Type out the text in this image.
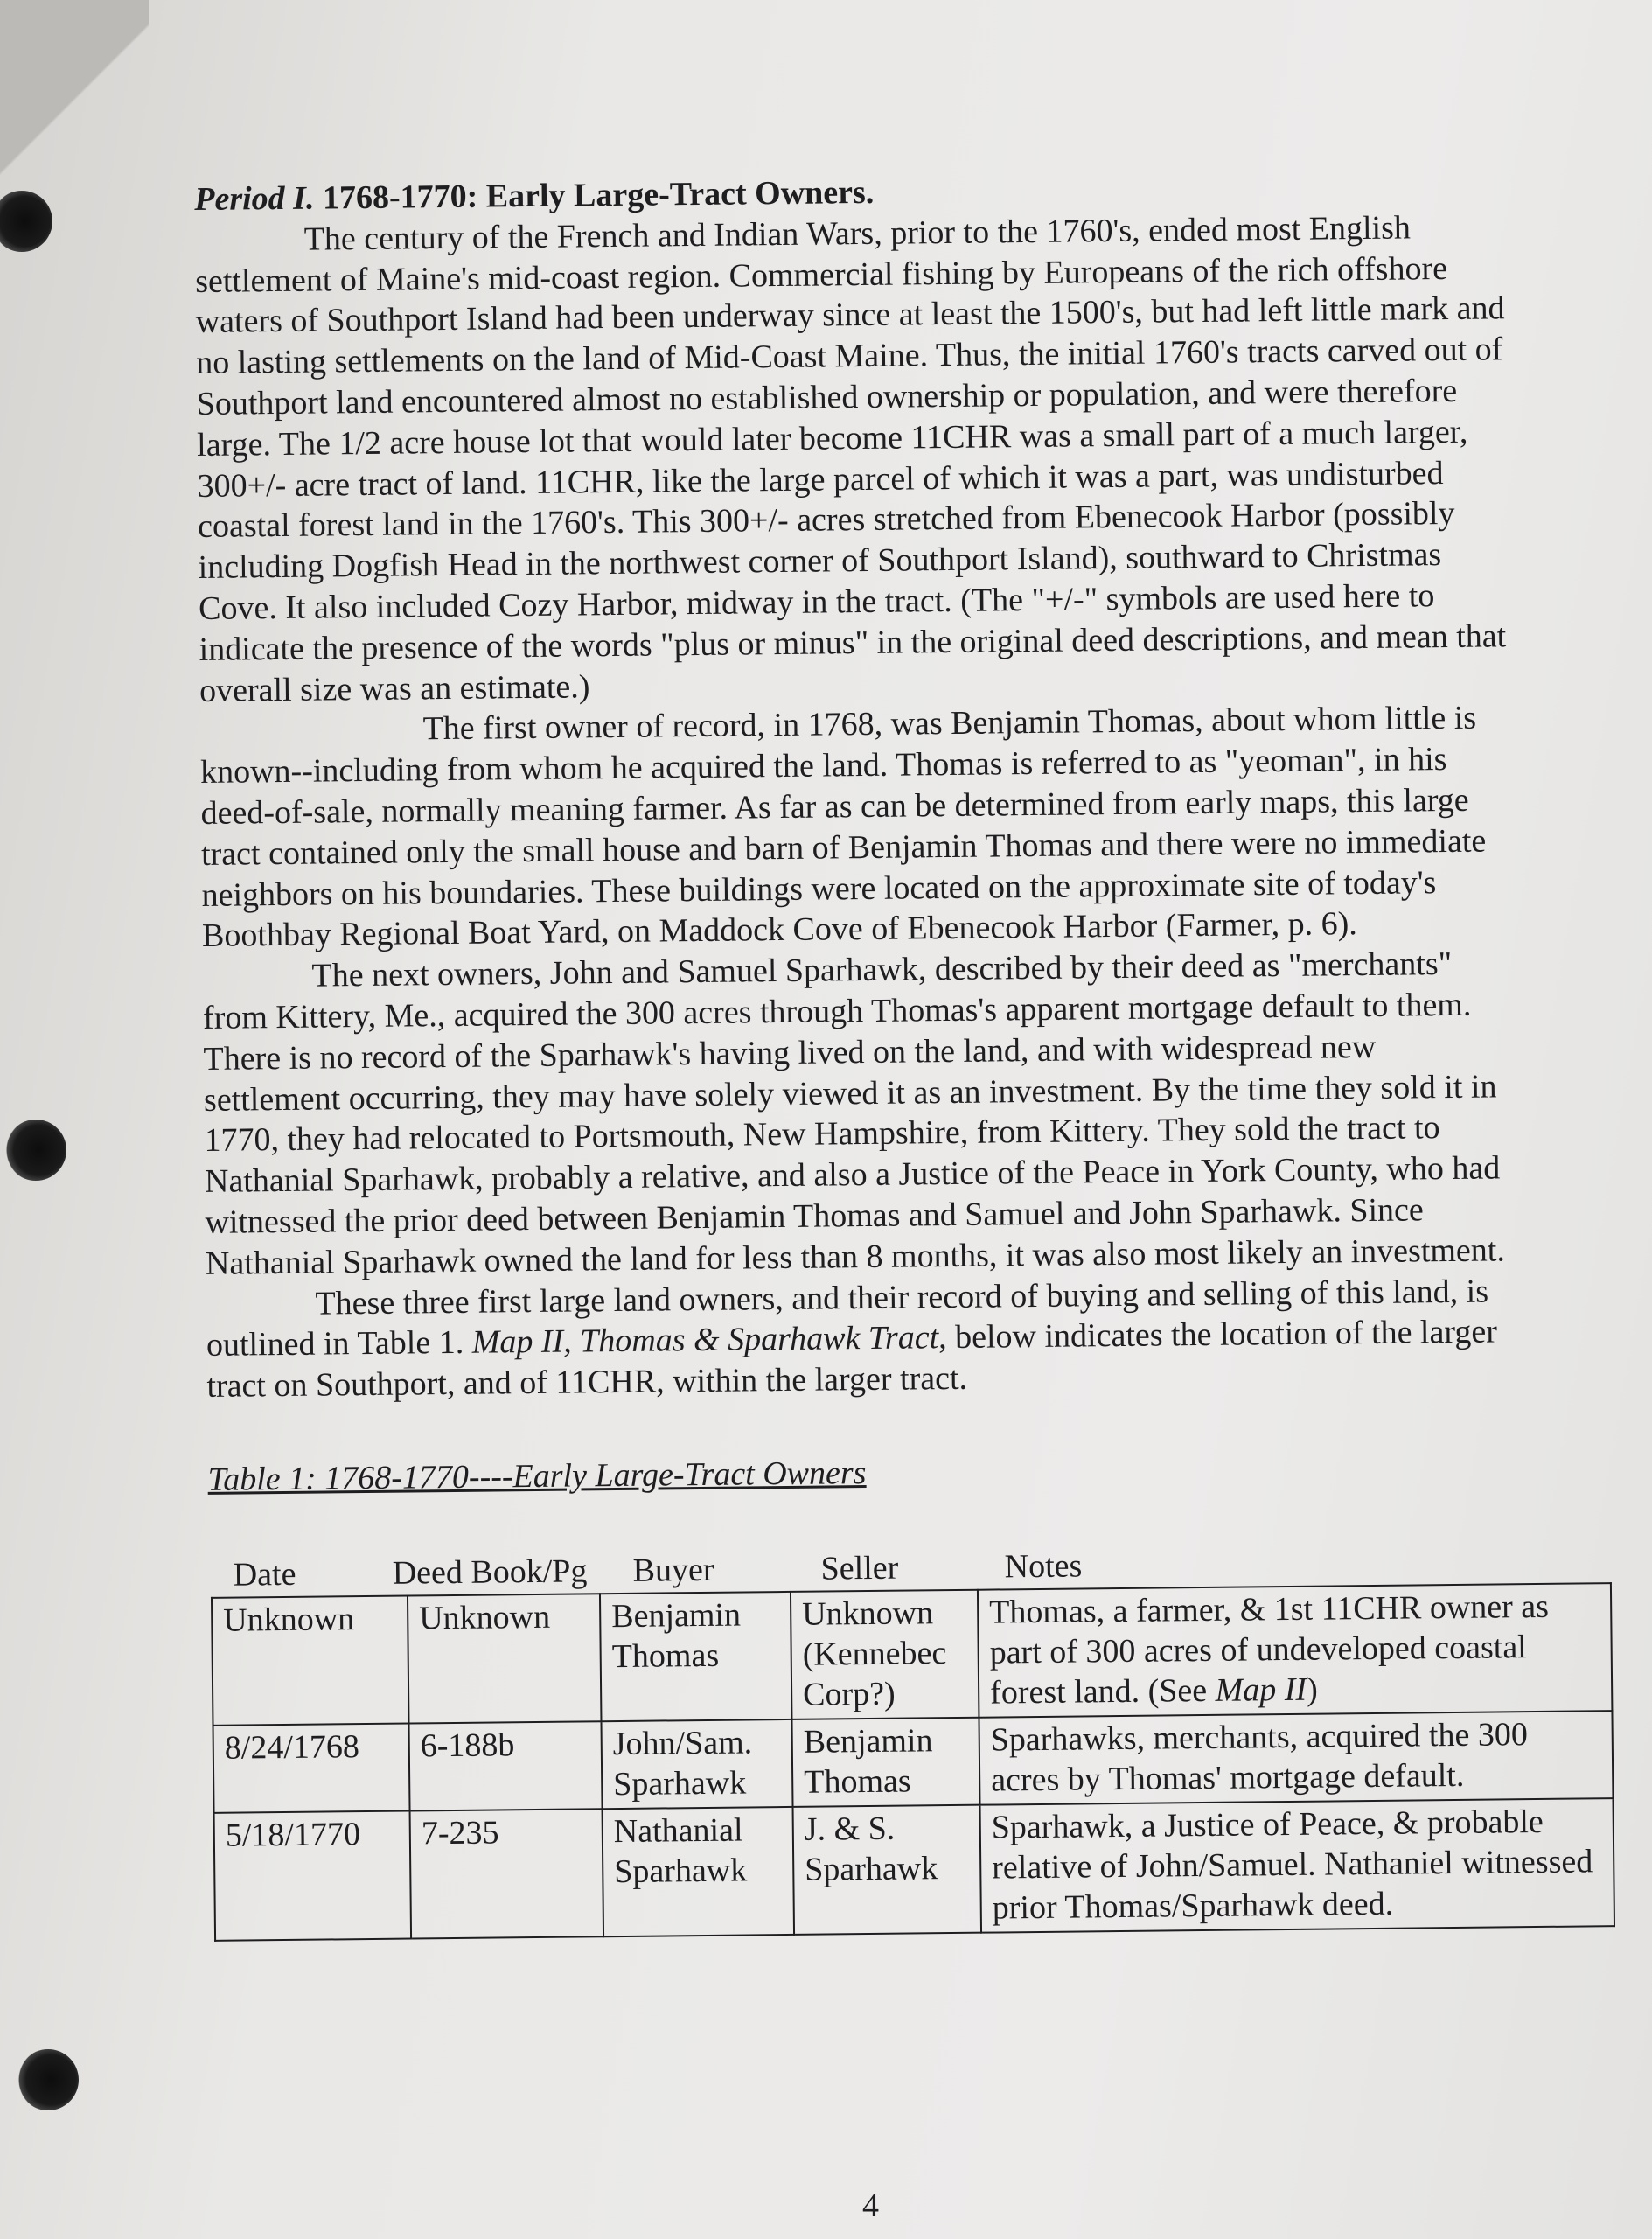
Period I. 1768-1770: Early Large-Tract Owners.

The century of the French and Indian Wars, prior to the 1760's, ended most English settlement of Maine's mid-coast region. Commercial fishing by Europeans of the rich offshore waters of Southport Island had been underway since at least the 1500's, but had left little mark and no lasting settlements on the land of Mid-Coast Maine. Thus, the initial 1760's tracts carved out of Southport land encountered almost no established ownership or population, and were therefore large. The 1/2 acre house lot that would later become 11CHR was a small part of a much larger, 300+/- acre tract of land. 11CHR, like the large parcel of which it was a part, was undisturbed coastal forest land in the 1760's. This 300+/- acres stretched from Ebenecook Harbor (possibly including Dogfish Head in the northwest corner of Southport Island), southward to Christmas Cove. It also included Cozy Harbor, midway in the tract. (The "+/-" symbols are used here to indicate the presence of the words "plus or minus" in the original deed descriptions, and mean that overall size was an estimate.)

The first owner of record, in 1768, was Benjamin Thomas, about whom little is known--including from whom he acquired the land. Thomas is referred to as "yeoman", in his deed-of-sale, normally meaning farmer. As far as can be determined from early maps, this large tract contained only the small house and barn of Benjamin Thomas and there were no immediate neighbors on his boundaries. These buildings were located on the approximate site of today's Boothbay Regional Boat Yard, on Maddock Cove of Ebenecook Harbor (Farmer, p. 6).

The next owners, John and Samuel Sparhawk, described by their deed as "merchants" from Kittery, Me., acquired the 300 acres through Thomas's apparent mortgage default to them. There is no record of the Sparhawk's having lived on the land, and with widespread new settlement occurring, they may have solely viewed it as an investment. By the time they sold it in 1770, they had relocated to Portsmouth, New Hampshire, from Kittery. They sold the tract to Nathanial Sparhawk, probably a relative, and also a Justice of the Peace in York County, who had witnessed the prior deed between Benjamin Thomas and Samuel and John Sparhawk. Since Nathanial Sparhawk owned the land for less than 8 months, it was also most likely an investment.

These three first large land owners, and their record of buying and selling of this land, is outlined in Table 1. Map II, Thomas & Sparhawk Tract, below indicates the location of the larger tract on Southport, and of 11CHR, within the larger tract.

Table 1: 1768-1770----Early Large-Tract Owners
Date	Deed Book/Pg Buyer	Seller	Notes
Unknown	Unknown	Benjamin Thomas	Unknown (Kennebec Corp?)	Thomas, a farmer, & 1st 11CHR owner as part of 300 acres of undeveloped coastal forest land. (See Map II)
8/24/1768	6-188b	John/Sam. Sparhawk	Benjamin Thomas	Sparhawks, merchants, acquired the 300 acres by Thomas' mortgage default.
5/18/1770	7-235	Nathanial Sparhawk	J. & S. Sparhawk	Sparhawk, a Justice of Peace, & probable relative of John/Samuel. Nathaniel witnessed prior Thomas/Sparhawk deed.
4
